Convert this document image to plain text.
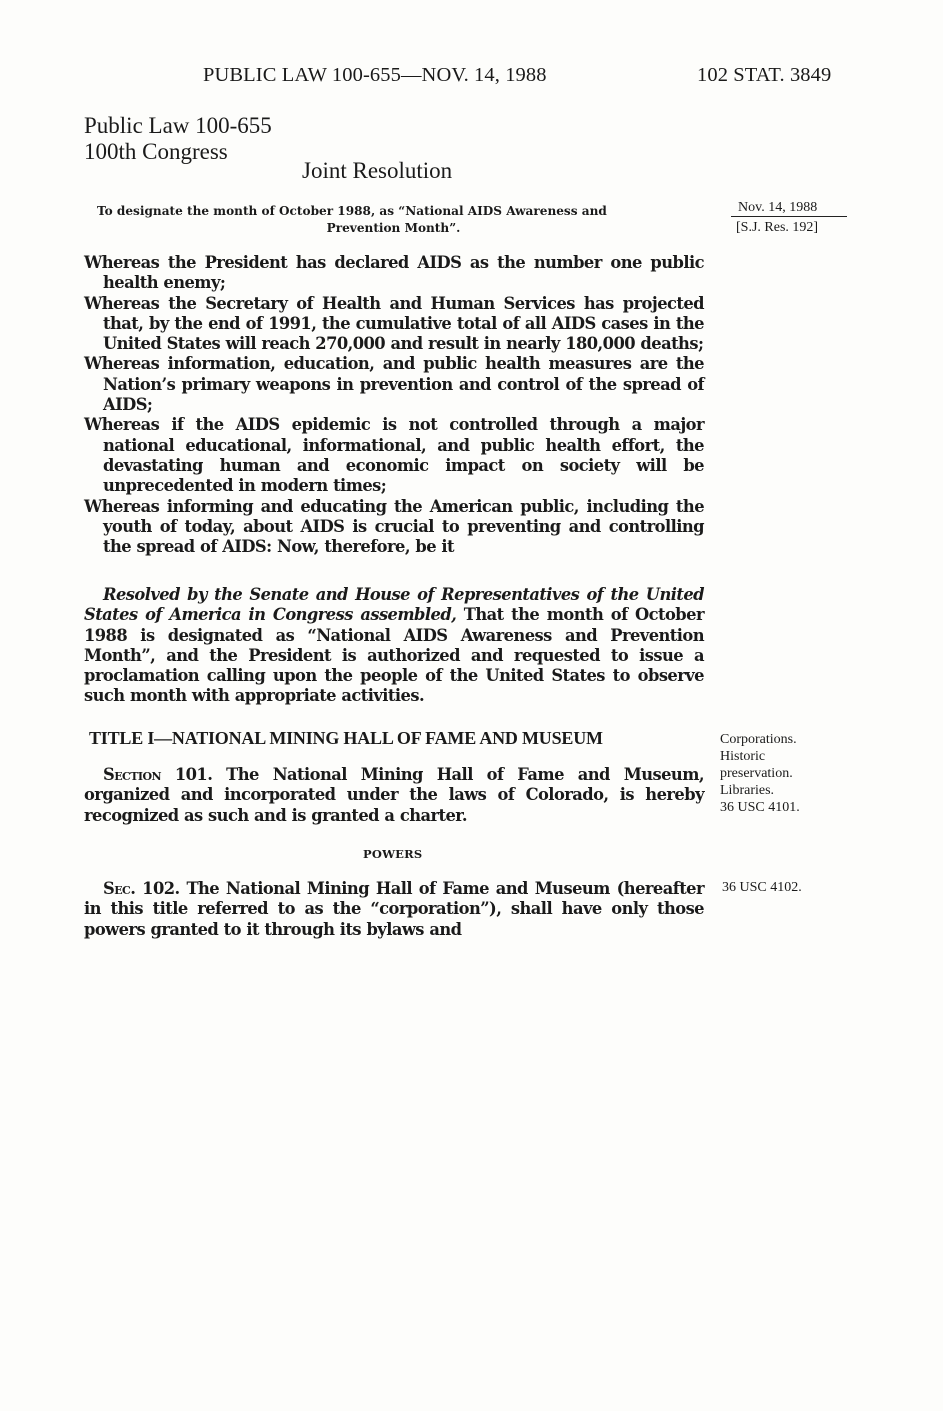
PUBLIC LAW 100-655—NOV. 14, 1988	102 STAT. 3849
Public Law 100-655
100th Congress
Joint Resolution
To designate the month of October 1988, as “National AIDS Awareness and
Prevention Month”.
Nov. 14, 1988
[S.J. Res. 192]

Whereas the President has declared AIDS as the number one public health enemy;

Whereas the Secretary of Health and Human Services has projected that, by the end of 1991, the cumulative total of all AIDS cases in the United States will reach 270,000 and result in nearly 180,000 deaths;

Whereas information, education, and public health measures are the Nation’s primary weapons in prevention and control of the spread of AIDS;

Whereas if the AIDS epidemic is not controlled through a major national educational, informational, and public health effort, the devastating human and economic impact on society will be unprecedented in modern times;

Whereas informing and educating the American public, including the youth of today, about AIDS is crucial to preventing and controlling the spread of AIDS: Now, therefore, be it

Resolved by the Senate and House of Representatives of the United States of America in Congress assembled, That the month of October 1988 is designated as “National AIDS Awareness and Prevention Month”, and the President is authorized and requested to issue a proclamation calling upon the people of the United States to observe such month with appropriate activities.

TITLE I—NATIONAL MINING HALL OF FAME AND MUSEUM	Corporations.
Historic
preservation.
Libraries.
36 USC 4101.

Section 101. The National Mining Hall of Fame and Museum, organized and incorporated under the laws of Colorado, is hereby recognized as such and is granted a charter.

POWERS

Sec. 102. The National Mining Hall of Fame and Museum (hereafter in this title referred to as the “corporation”), shall have only those powers granted to it through its bylaws and

36 USC 4102.
